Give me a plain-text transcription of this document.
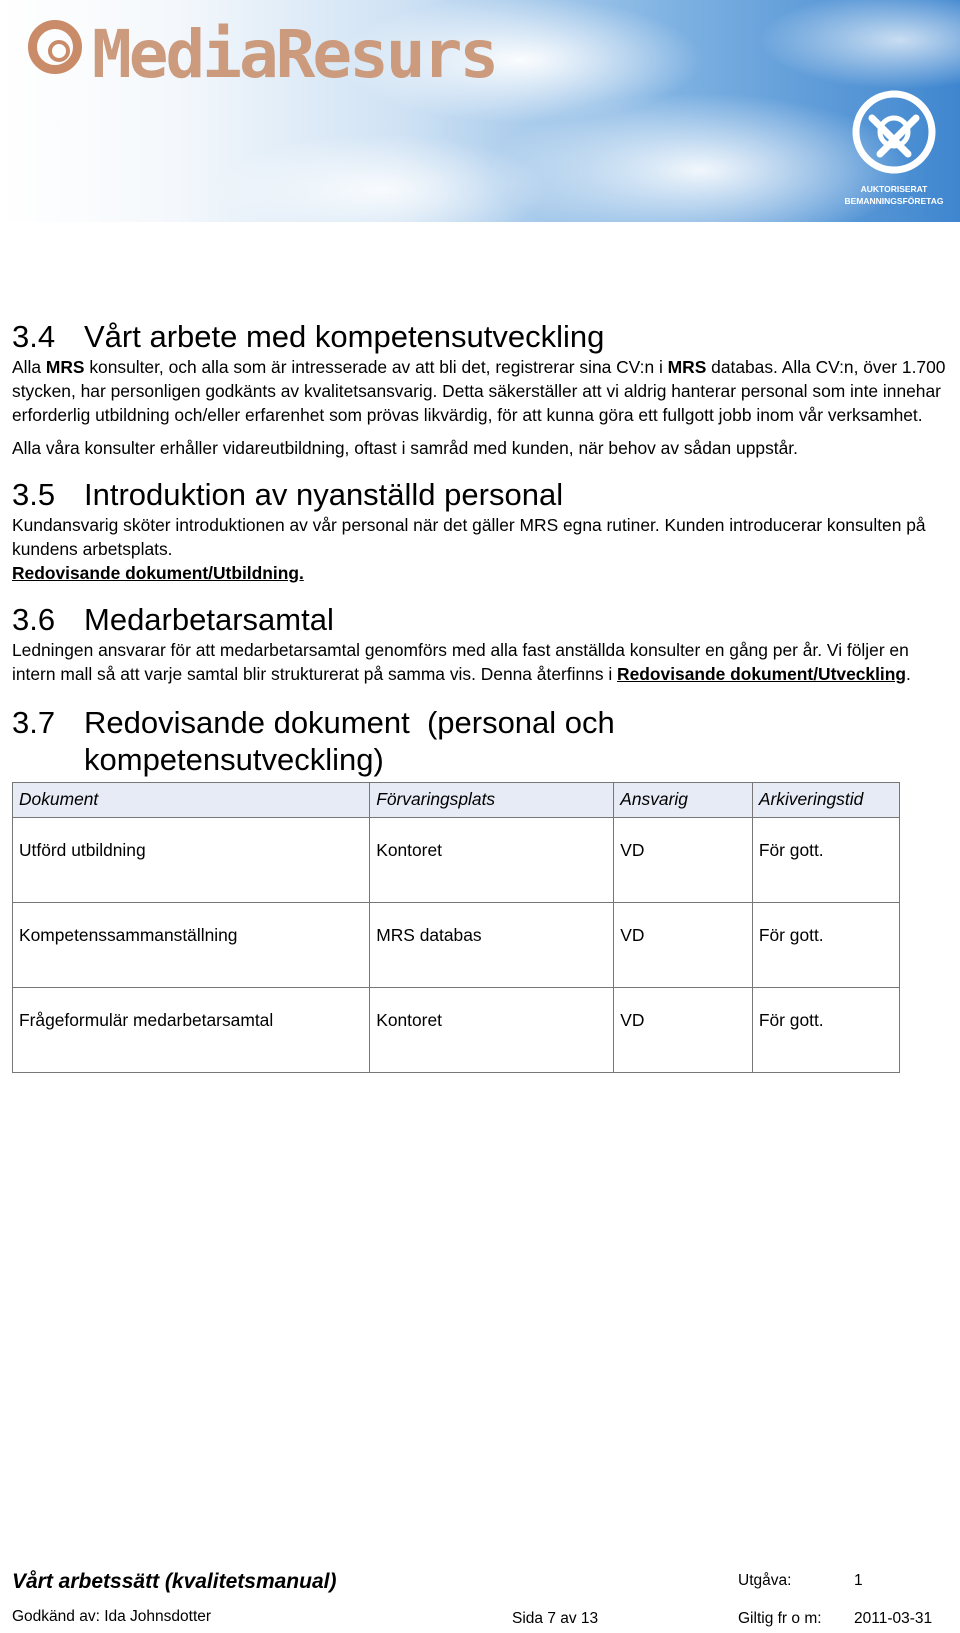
MediaResurs
AUKTORISERAT
BEMANNINGSFÖRETAG
3.4 Vårt arbete med kompetensutveckling

Alla MRS konsulter, och alla som är intresserade av att bli det, registrerar sina CV:n i MRS databas. Alla CV:n, över 1.700 stycken, har personligen godkänts av kvalitetsansvarig. Detta säkerställer att vi aldrig hanterar personal som inte innehar erforderlig utbildning och/eller erfarenhet som prövas likvärdig, för att kunna göra ett fullgott jobb inom vår verksamhet.

Alla våra konsulter erhåller vidareutbildning, oftast i samråd med kunden, när behov av sådan uppstår.

3.5 Introduktion av nyanställd personal

Kundansvarig sköter introduktionen av vår personal när det gäller MRS egna rutiner. Kunden introducerar konsulten på kundens arbetsplats.

Redovisande dokument/Utbildning.

3.6 Medarbetarsamtal

Ledningen ansvarar för att medarbetarsamtal genomförs med alla fast anställda konsulter en gång per år. Vi följer en intern mall så att varje samtal blir strukturerat på samma vis. Denna återfinns i Redovisande dokument/Utveckling.

3.7 Redovisande dokument  (personal och
kompetensutveckling)
Dokument	Förvaringsplats	Ansvarig	Arkiveringstid
Utförd utbildning	Kontoret	VD	För gott.
Kompetenssammanställning	MRS databas	VD	För gott.
Frågeformulär medarbetarsamtal	Kontoret	VD	För gott.
Vårt arbetssätt (kvalitetsmanual)	Utgåva:	1
Godkänd av: Ida Johnsdotter	Sida 7 av 13	Giltig fr o m: 2011-03-31
